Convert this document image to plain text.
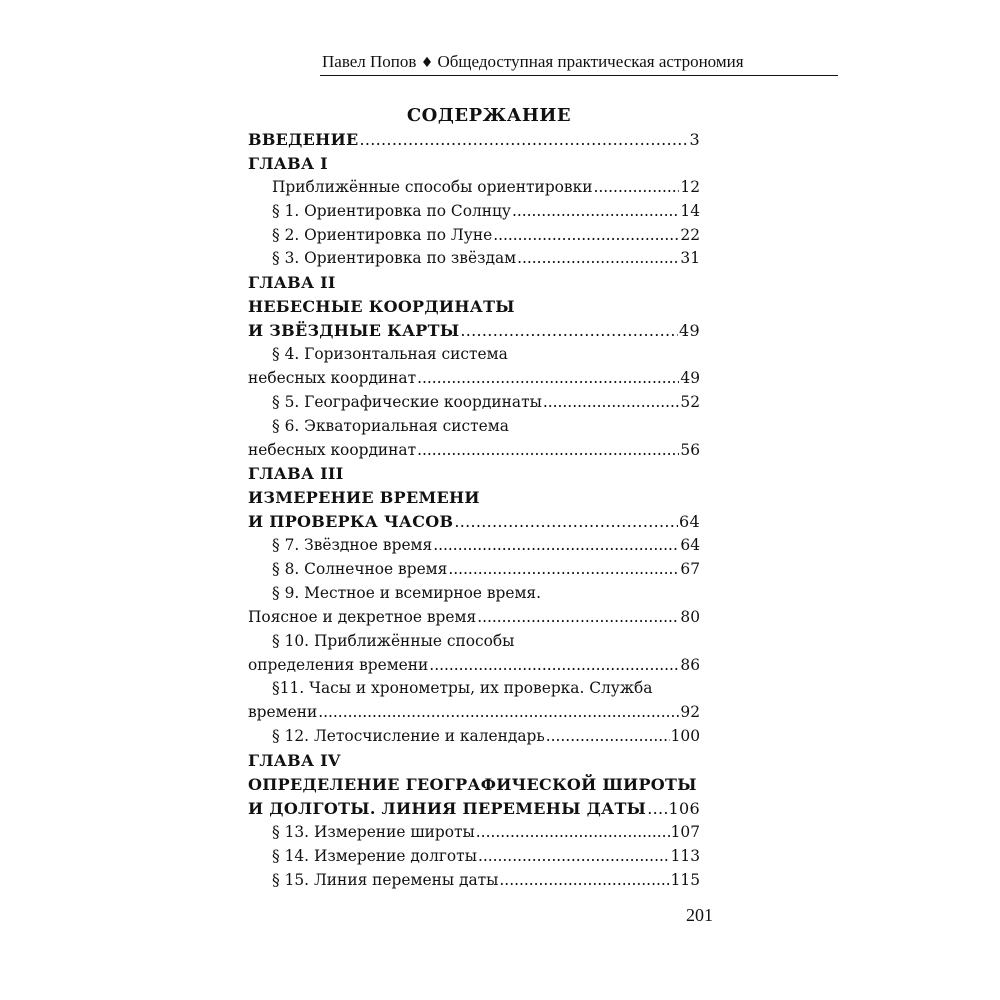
Павел Попов ♦ Общедоступная практическая астрономия
СОДЕРЖАНИЕ
ВВЕДЕНИЕ .....	3
ГЛАВА I
Приближённые способы ориентировки .....	12
§ 1. Ориентировка по Солнцу .....	14
§ 2. Ориентировка по Луне .....	22
§ 3. Ориентировка по звёздам .....	31
ГЛАВА II
НЕБЕСНЫЕ КООРДИНАТЫ
И ЗВЁЗДНЫЕ КАРТЫ .....	49
§ 4. Горизонтальная система
небесных координат .....	49
§ 5. Географические координаты .....	52
§ 6. Экваториальная система
небесных координат .....	56
ГЛАВА III
ИЗМЕРЕНИЕ ВРЕМЕНИ
И ПРОВЕРКА ЧАСОВ .....	64
§ 7. Звёздное время .....	64
§ 8. Солнечное время .....	67
§ 9. Местное и всемирное время.
Поясное и декретное время .....	80
§ 10. Приближённые способы
определения времени .....	86
§11. Часы и хронометры, их проверка. Служба
времени .....	92
§ 12. Летосчисление и календарь .....	100
ГЛАВА IV
ОПРЕДЕЛЕНИЕ ГЕОГРАФИЧЕСКОЙ ШИРОТЫ
И ДОЛГОТЫ. ЛИНИЯ ПЕРЕМЕНЫ ДАТЫ ..... 106
§ 13. Измерение широты .....	107
§ 14. Измерение долготы .....	113
§ 15. Линия перемены даты .....	115
201
